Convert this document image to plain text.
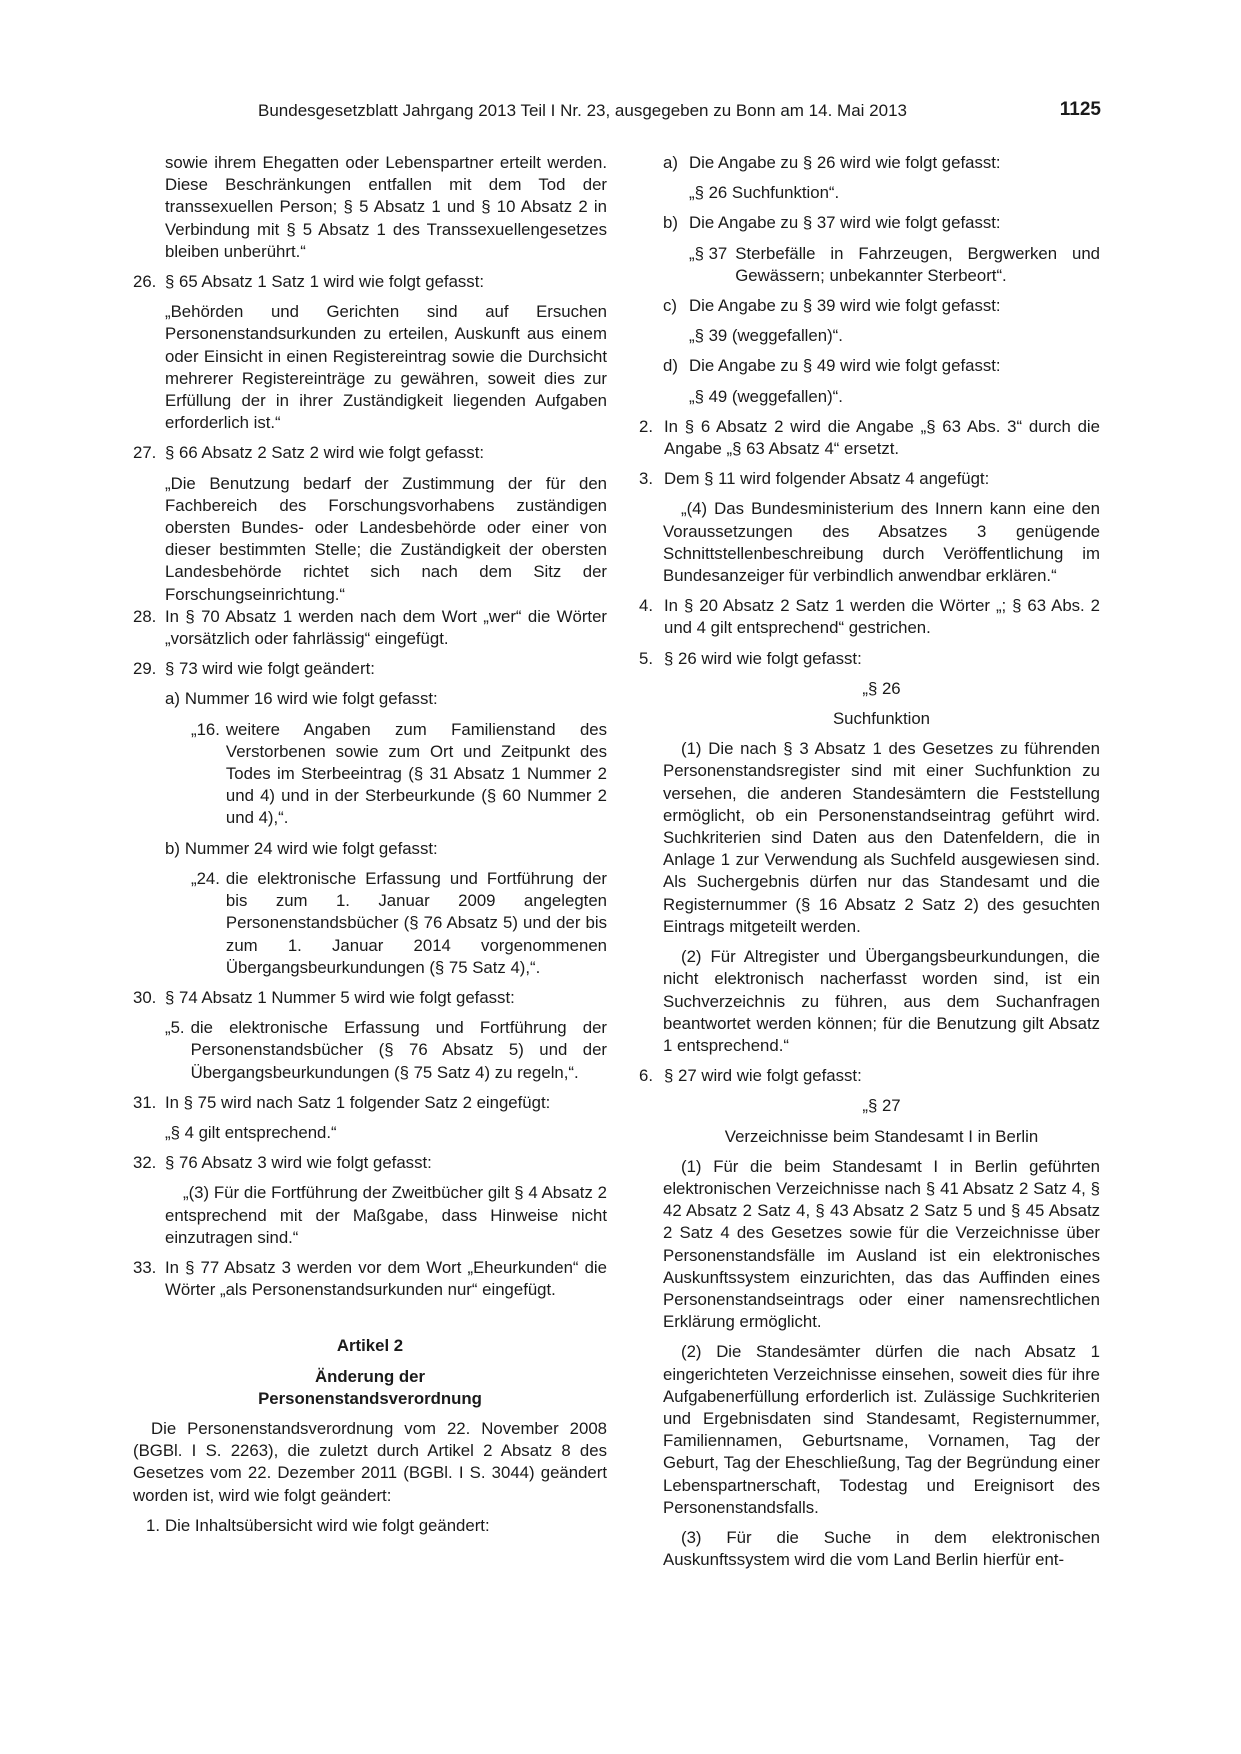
Bundesgesetzblatt Jahrgang 2013 Teil I Nr. 23, ausgegeben zu Bonn am 14. Mai 2013	1125

sowie ihrem Ehegatten oder Lebenspartner erteilt werden. Diese Beschränkungen entfallen mit dem Tod der transsexuellen Person; § 5 Absatz 1 und § 10 Absatz 2 in Verbindung mit § 5 Absatz 1 des Transsexuellengesetzes bleiben unberührt.“

26. § 65 Absatz 1 Satz 1 wird wie folgt gefasst:

„Behörden und Gerichten sind auf Ersuchen Personenstandsurkunden zu erteilen, Auskunft aus einem oder Einsicht in einen Registereintrag sowie die Durchsicht mehrerer Registereinträge zu gewähren, soweit dies zur Erfüllung der in ihrer Zuständigkeit liegenden Aufgaben erforderlich ist.“

27. § 66 Absatz 2 Satz 2 wird wie folgt gefasst:

„Die Benutzung bedarf der Zustimmung der für den Fachbereich des Forschungsvorhabens zuständigen obersten Bundes- oder Landesbehörde oder einer von dieser bestimmten Stelle; die Zuständigkeit der obersten Landesbehörde richtet sich nach dem Sitz der Forschungseinrichtung.“

28. In § 70 Absatz 1 werden nach dem Wort „wer“ die Wörter „vorsätzlich oder fahrlässig“ eingefügt.
29. § 73 wird wie folgt geändert:
a) Nummer 16 wird wie folgt gefasst:
„16. weitere Angaben zum Familienstand des Verstorbenen sowie zum Ort und Zeitpunkt des Todes im Sterbeeintrag (§ 31 Absatz 1 Nummer 2 und 4) und in der Sterbeurkunde (§ 60 Nummer 2 und 4),“.
b) Nummer 24 wird wie folgt gefasst:
„24. die elektronische Erfassung und Fortführung der bis zum 1. Januar 2009 angelegten Personenstandsbücher (§ 76 Absatz 5) und der bis zum 1. Januar 2014 vorgenommenen Übergangsbeurkundungen (§ 75 Satz 4),“.
30. § 74 Absatz 1 Nummer 5 wird wie folgt gefasst:
„5. die elektronische Erfassung und Fortführung der Personenstandsbücher (§ 76 Absatz 5) und der Übergangsbeurkundungen (§ 75 Satz 4) zu regeln,“.
31. In § 75 wird nach Satz 1 folgender Satz 2 eingefügt:

„§ 4 gilt entsprechend.“

32. § 76 Absatz 3 wird wie folgt gefasst:

„(3) Für die Fortführung der Zweitbücher gilt § 4 Absatz 2 entsprechend mit der Maßgabe, dass Hinweise nicht einzutragen sind.“

33. In § 77 Absatz 3 werden vor dem Wort „Eheurkunden“ die Wörter „als Personenstandsurkunden nur“ eingefügt.

Artikel 2

Änderung der

Personenstandsverordnung

Die Personenstandsverordnung vom 22. November 2008 (BGBl. I S. 2263), die zuletzt durch Artikel 2 Absatz 8 des Gesetzes vom 22. Dezember 2011 (BGBl. I S. 3044) geändert worden ist, wird wie folgt geändert:

1. Die Inhaltsübersicht wird wie folgt geändert:
a) Die Angabe zu § 26 wird wie folgt gefasst:

„§ 26 Suchfunktion“.

b) Die Angabe zu § 37 wird wie folgt gefasst:
„§ 37 Sterbefälle in Fahrzeugen, Bergwerken und Gewässern; unbekannter Sterbeort“.
c) Die Angabe zu § 39 wird wie folgt gefasst:

„§ 39 (weggefallen)“.

d) Die Angabe zu § 49 wird wie folgt gefasst:

„§ 49 (weggefallen)“.

2. In § 6 Absatz 2 wird die Angabe „§ 63 Abs. 3“ durch die Angabe „§ 63 Absatz 4“ ersetzt.
3. Dem § 11 wird folgender Absatz 4 angefügt:

„(4) Das Bundesministerium des Innern kann eine den Voraussetzungen des Absatzes 3 genügende Schnittstellenbeschreibung durch Veröffentlichung im Bundesanzeiger für verbindlich anwendbar erklären.“

4. In § 20 Absatz 2 Satz 1 werden die Wörter „; § 63 Abs. 2 und 4 gilt entsprechend“ gestrichen.
5. § 26 wird wie folgt gefasst:

„§ 26

Suchfunktion

(1) Die nach § 3 Absatz 1 des Gesetzes zu führenden Personenstandsregister sind mit einer Suchfunktion zu versehen, die anderen Standesämtern die Feststellung ermöglicht, ob ein Personenstandseintrag geführt wird. Suchkriterien sind Daten aus den Datenfeldern, die in Anlage 1 zur Verwendung als Suchfeld ausgewiesen sind. Als Suchergebnis dürfen nur das Standesamt und die Registernummer (§ 16 Absatz 2 Satz 2) des gesuchten Eintrags mitgeteilt werden.

(2) Für Altregister und Übergangsbeurkundungen, die nicht elektronisch nacherfasst worden sind, ist ein Suchverzeichnis zu führen, aus dem Suchanfragen beantwortet werden können; für die Benutzung gilt Absatz 1 entsprechend.“

6. § 27 wird wie folgt gefasst:

„§ 27

Verzeichnisse beim Standesamt I in Berlin

(1) Für die beim Standesamt I in Berlin geführten elektronischen Verzeichnisse nach § 41 Absatz 2 Satz 4, § 42 Absatz 2 Satz 4, § 43 Absatz 2 Satz 5 und § 45 Absatz 2 Satz 4 des Gesetzes sowie für die Verzeichnisse über Personenstandsfälle im Ausland ist ein elektronisches Auskunftssystem einzurichten, das das Auffinden eines Personenstandseintrags oder einer namensrechtlichen Erklärung ermöglicht.

(2) Die Standesämter dürfen die nach Absatz 1 eingerichteten Verzeichnisse einsehen, soweit dies für ihre Aufgabenerfüllung erforderlich ist. Zulässige Suchkriterien und Ergebnisdaten sind Standesamt, Registernummer, Familiennamen, Geburtsname, Vornamen, Tag der Geburt, Tag der Eheschließung, Tag der Begründung einer Lebenspartnerschaft, Todestag und Ereignisort des Personenstandsfalls.

(3) Für die Suche in dem elektronischen Auskunftssystem wird die vom Land Berlin hierfür ent-
